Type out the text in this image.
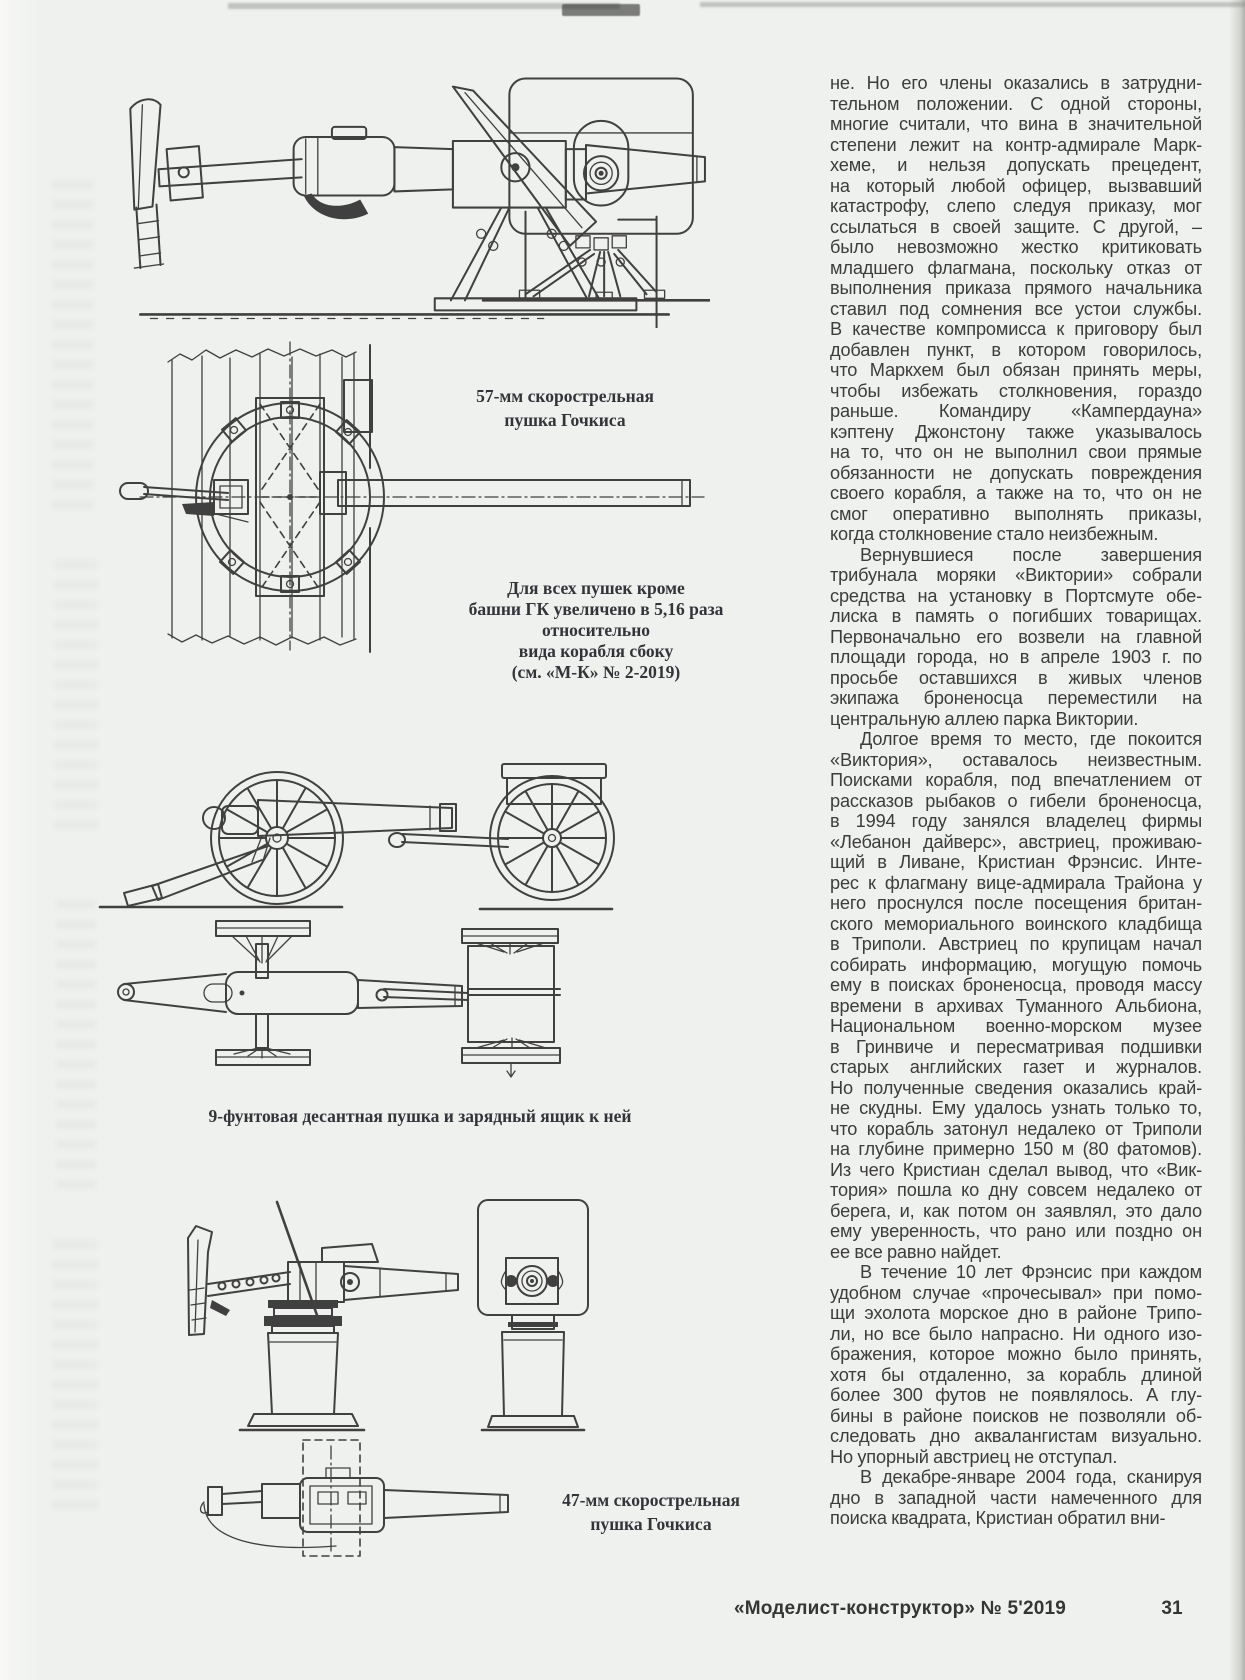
57-мм скорострельная
пушка Гочкиса
Для всех пушек кроме
башни ГК увеличено в 5,16 раза
относительно
вида корабля сбоку
(см. «М-К» № 2-2019)
9-фунтовая десантная пушка и зарядный ящик к ней
47-мм скорострельная
пушка Гочкиса
не. Но его члены оказались в затрудни-
тельном положении. С одной стороны,
многие считали, что вина в значительной
степени лежит на контр-адмирале Марк-
хеме, и нельзя допускать прецедент,
на который любой офицер, вызвавший
катастрофу, слепо следуя приказу, мог
ссылаться в своей защите. С другой, –
было невозможно жестко критиковать
младшего флагмана, поскольку отказ от
выполнения приказа прямого начальника
ставил под сомнения все устои службы.
В качестве компромисса к приговору был
добавлен пункт, в котором говорилось,
что Маркхем был обязан принять меры,
чтобы избежать столкновения, гораздо
раньше. Командиру «Кампердауна»
кэптену Джонстону также указывалось
на то, что он не выполнил свои прямые
обязанности не допускать повреждения
своего корабля, а также на то, что он не
смог оперативно выполнять приказы,
когда столкновение стало неизбежным.
Вернувшиеся после завершения
трибунала моряки «Виктории» собрали
средства на установку в Портсмуте обе-
лиска в память о погибших товарищах.
Первоначально его возвели на главной
площади города, но в апреле 1903 г. по
просьбе оставшихся в живых членов
экипажа броненосца переместили на
центральную аллею парка Виктории.
Долгое время то место, где покоится
«Виктория», оставалось неизвестным.
Поисками корабля, под впечатлением от
рассказов рыбаков о гибели броненосца,
в 1994 году занялся владелец фирмы
«Лебанон дайверс», австриец, проживаю-
щий в Ливане, Кристиан Фрэнсис. Инте-
рес к флагману вице-адмирала Трайона у
него проснулся после посещения британ-
ского мемориального воинского кладбища
в Триполи. Австриец по крупицам начал
собирать информацию, могущую помочь
ему в поисках броненосца, проводя массу
времени в архивах Туманного Альбиона,
Национальном военно-морском музее
в Гринвиче и пересматривая подшивки
старых английских газет и журналов.
Но полученные сведения оказались край-
не скудны. Ему удалось узнать только то,
что корабль затонул недалеко от Триполи
на глубине примерно 150 м (80 фатомов).
Из чего Кристиан сделал вывод, что «Вик-
тория» пошла ко дну совсем недалеко от
берега, и, как потом он заявлял, это дало
ему уверенность, что рано или поздно он
ее все равно найдет.
В течение 10 лет Фрэнсис при каждом
удобном случае «прочесывал» при помо-
щи эхолота морское дно в районе Трипо-
ли, но все было напрасно. Ни одного изо-
бражения, которое можно было принять,
хотя бы отдаленно, за корабль длиной
более 300 футов не появлялось. А глу-
бины в районе поисков не позволяли об-
следовать дно аквалангистам визуально.
Но упорный австриец не отступал.
В декабре-январе 2004 года, сканируя
дно в западной части намеченного для
поиска квадрата, Кристиан обратил вни-
«Моделист-конструктор» № 5'2019	31
